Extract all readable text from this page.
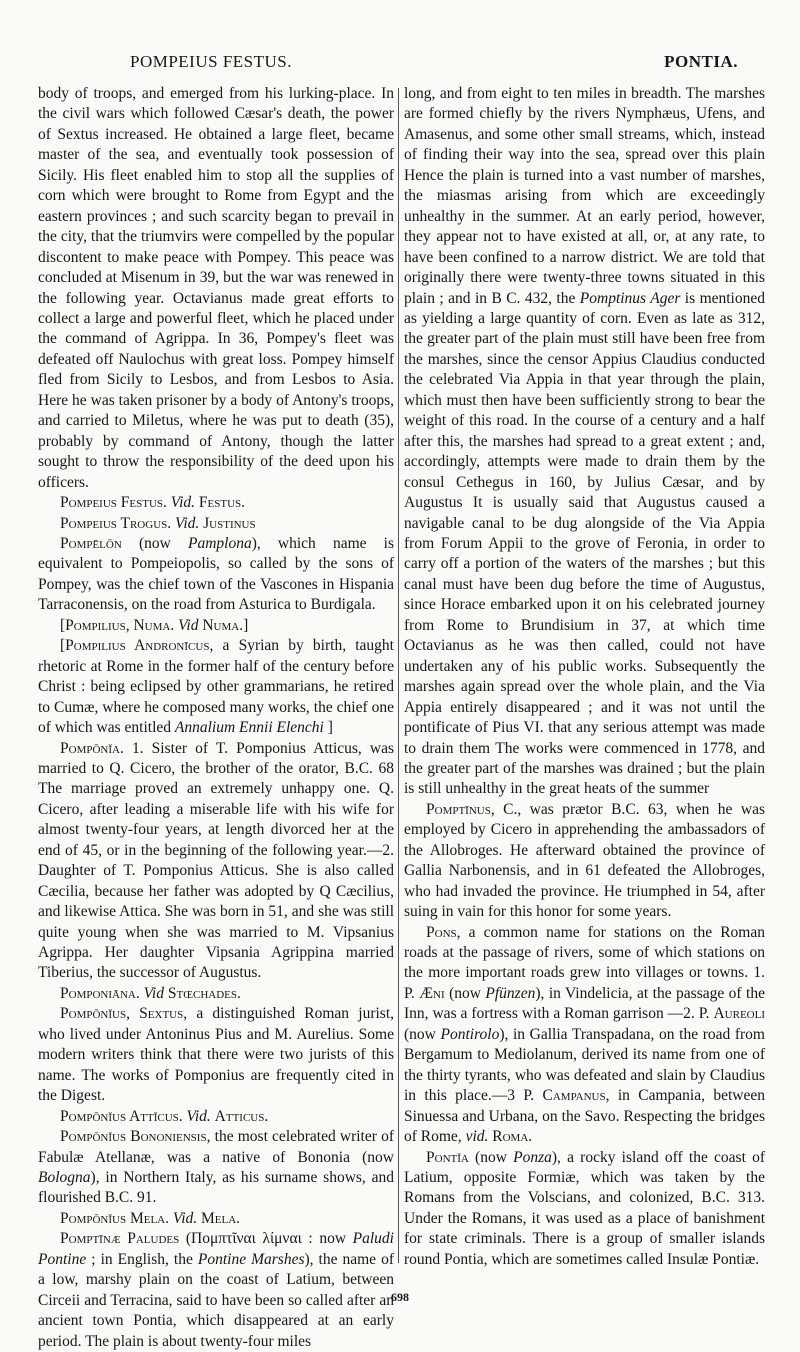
POMPEIUS FESTUS.	PONTIA.

body of troops, and emerged from his lurking-place. In the civil wars which followed Cæsar's death, the power of Sextus increased. He obtained a large fleet, became master of the sea, and eventually took possession of Sicily. His fleet enabled him to stop all the supplies of corn which were brought to Rome from Egypt and the eastern provinces ; and such scarcity began to prevail in the city, that the triumvirs were compelled by the popular discontent to make peace with Pompey. This peace was concluded at Misenum in 39, but the war was renewed in the following year. Octavianus made great efforts to collect a large and powerful fleet, which he placed under the command of Agrippa. In 36, Pompey's fleet was defeated off Naulochus with great loss. Pompey himself fled from Sicily to Lesbos, and from Lesbos to Asia. Here he was taken prisoner by a body of Antony's troops, and carried to Miletus, where he was put to death (35), probably by command of Antony, though the latter sought to throw the responsibility of the deed upon his officers.

Pompeius Festus. Vid. Festus.

Pompeius Trogus. Vid. Justinus

Pompēlōn (now Pamplona), which name is equivalent to Pompeiopolis, so called by the sons of Pompey, was the chief town of the Vascones in Hispania Tarraconensis, on the road from Asturica to Burdigala.

[Pompilius, Numa. Vid Numa.]

[Pompilius Andronīcus, a Syrian by birth, taught rhetoric at Rome in the former half of the century before Christ : being eclipsed by other grammarians, he retired to Cumæ, where he composed many works, the chief one of which was entitled Annalium Ennii Elenchi ]

Pompōnĭa. 1. Sister of T. Pomponius Atticus, was married to Q. Cicero, the brother of the orator, B.C. 68 The marriage proved an extremely unhappy one. Q. Cicero, after leading a miserable life with his wife for almost twenty-four years, at length divorced her at the end of 45, or in the beginning of the following year.—2. Daughter of T. Pomponius Atticus. She is also called Cæcilia, because her father was adopted by Q Cæcilius, and likewise Attica. She was born in 51, and she was still quite young when she was married to M. Vipsanius Agrippa. Her daughter Vipsania Agrippina married Tiberius, the successor of Augustus.

Pomponiāna. Vid Stœchades.

Pompōnĭus, Sextus, a distinguished Roman jurist, who lived under Antoninus Pius and M. Aurelius. Some modern writers think that there were two jurists of this name. The works of Pomponius are frequently cited in the Digest.

Pompōnĭus Attĭcus. Vid. Atticus.

Pompōnĭus Bononiensis, the most celebrated writer of Fabulæ Atellanæ, was a native of Bononia (now Bologna), in Northern Italy, as his surname shows, and flourished B.C. 91.

Pompōnĭus Mela. Vid. Mela.

Pomptīnæ Paludes (Πομπτῖναι λίμναι : now Paludi Pontine ; in English, the Pontine Marshes), the name of a low, marshy plain on the coast of Latium, between Circeii and Terracina, said to have been so called after an ancient town Pontia, which disappeared at an early period. The plain is about twenty-four miles

long, and from eight to ten miles in breadth. The marshes are formed chiefly by the rivers Nymphæus, Ufens, and Amasenus, and some other small streams, which, instead of finding their way into the sea, spread over this plain Hence the plain is turned into a vast number of marshes, the miasmas arising from which are exceedingly unhealthy in the summer. At an early period, however, they appear not to have existed at all, or, at any rate, to have been confined to a narrow district. We are told that originally there were twenty-three towns situated in this plain ; and in B C. 432, the Pomptinus Ager is mentioned as yielding a large quantity of corn. Even as late as 312, the greater part of the plain must still have been free from the marshes, since the censor Appius Claudius conducted the celebrated Via Appia in that year through the plain, which must then have been sufficiently strong to bear the weight of this road. In the course of a century and a half after this, the marshes had spread to a great extent ; and, accordingly, attempts were made to drain them by the consul Cethegus in 160, by Julius Cæsar, and by Augustus It is usually said that Augustus caused a navigable canal to be dug alongside of the Via Appia from Forum Appii to the grove of Feronia, in order to carry off a portion of the waters of the marshes ; but this canal must have been dug before the time of Augustus, since Horace embarked upon it on his celebrated journey from Rome to Brundisium in 37, at which time Octavianus as he was then called, could not have undertaken any of his public works. Subsequently the marshes again spread over the whole plain, and the Via Appia entirely disappeared ; and it was not until the pontificate of Pius VI. that any serious attempt was made to drain them The works were commenced in 1778, and the greater part of the marshes was drained ; but the plain is still unhealthy in the great heats of the summer

Pomptīnus, C., was prætor B.C. 63, when he was employed by Cicero in apprehending the ambassadors of the Allobroges. He afterward obtained the province of Gallia Narbonensis, and in 61 defeated the Allobroges, who had invaded the province. He triumphed in 54, after suing in vain for this honor for some years.

Pons, a common name for stations on the Roman roads at the passage of rivers, some of which stations on the more important roads grew into villages or towns. 1. P. Æni (now Pfünzen), in Vindelicia, at the passage of the Inn, was a fortress with a Roman garrison —2. P. Aureoli (now Pontirolo), in Gallia Transpadana, on the road from Bergamum to Mediolanum, derived its name from one of the thirty tyrants, who was defeated and slain by Claudius in this place.—3 P. Campanus, in Campania, between Sinuessa and Urbana, on the Savo. Respecting the bridges of Rome, vid. Roma.

Pontĭa (now Ponza), a rocky island off the coast of Latium, opposite Formiæ, which was taken by the Romans from the Volscians, and colonized, B.C. 313. Under the Romans, it was used as a place of banishment for state criminals. There is a group of smaller islands round Pontia, which are sometimes called Insulæ Pontiæ.

698
